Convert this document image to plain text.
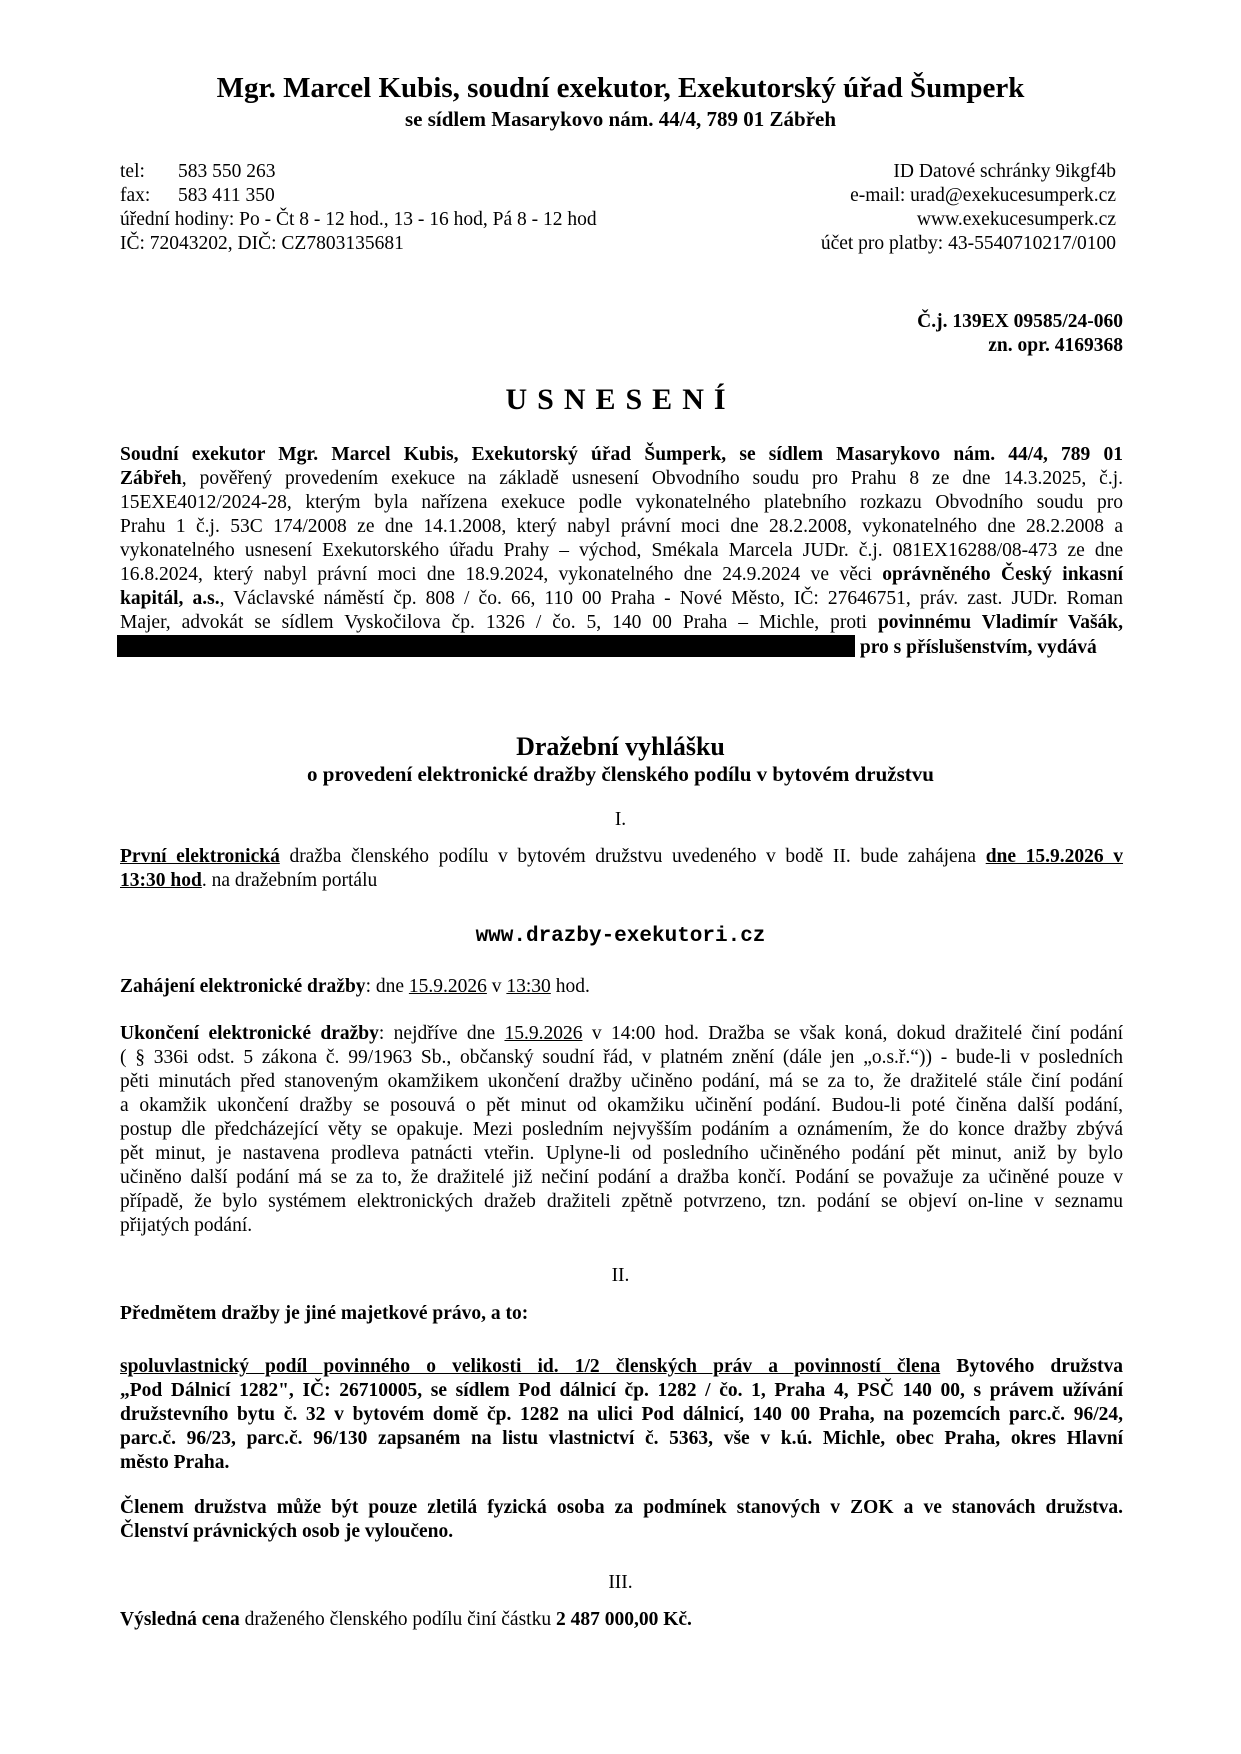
Mgr. Marcel Kubis, soudní exekutor, Exekutorský úřad Šumperk
se sídlem Masarykovo nám. 44/4, 789 01 Zábřeh
tel: 583 550 263
fax: 583 411 350
úřední hodiny: Po - Čt 8 - 12 hod., 13 - 16 hod, Pá 8 - 12 hod
IČ: 72043202, DIČ: CZ7803135681
ID Datové schránky 9ikgf4b
e-mail: urad@exekucesumperk.cz
www.exekucesumperk.cz
účet pro platby: 43-5540710217/0100
Č.j. 139EX 09585/24-060
zn. opr. 4169368
USNESENÍ
Soudní exekutor Mgr. Marcel Kubis, Exekutorský úřad Šumperk, se sídlem Masarykovo nám. 44/4, 789 01
Zábřeh, pověřený provedením exekuce na základě usnesení Obvodního soudu pro Prahu 8 ze dne 14.3.2025, č.j.
15EXE4012/2024-28, kterým byla nařízena exekuce podle vykonatelného platebního rozkazu Obvodního soudu pro
Prahu 1 č.j. 53C 174/2008 ze dne 14.1.2008, který nabyl právní moci dne 28.2.2008, vykonatelného dne 28.2.2008 a
vykonatelného usnesení Exekutorského úřadu Prahy – východ, Smékala Marcela JUDr. č.j. 081EX16288/08-473 ze dne
16.8.2024, který nabyl právní moci dne 18.9.2024, vykonatelného dne 24.9.2024 ve věci oprávněného Český inkasní
kapitál, a.s., Václavské náměstí čp. 808 / čo. 66, 110 00 Praha - Nové Město, IČ: 27646751, práv. zast. JUDr. Roman
Majer, advokát se sídlem Vyskočilova čp. 1326 / čo. 5, 140 00 Praha – Michle, proti povinnému Vladimír Vašák,
pro s příslušenstvím, vydává
Dražební vyhlášku
o provedení elektronické dražby členského podílu v bytovém družstvu
I.
První elektronická dražba členského podílu v bytovém družstvu uvedeného v bodě II. bude zahájena dne 15.9.2026 v
13:30 hod. na dražebním portálu
www.drazby-exekutori.cz
Zahájení elektronické dražby: dne 15.9.2026 v 13:30 hod.
Ukončení elektronické dražby: nejdříve dne 15.9.2026 v 14:00 hod. Dražba se však koná, dokud dražitelé činí podání
( § 336i odst. 5 zákona č. 99/1963 Sb., občanský soudní řád, v platném znění (dále jen „o.s.ř.“)) - bude-li v posledních
pěti minutách před stanoveným okamžikem ukončení dražby učiněno podání, má se za to, že dražitelé stále činí podání
a okamžik ukončení dražby se posouvá o pět minut od okamžiku učinění podání. Budou-li poté činěna další podání,
postup dle předcházející věty se opakuje. Mezi posledním nejvyšším podáním a oznámením, že do konce dražby zbývá
pět minut, je nastavena prodleva patnácti vteřin. Uplyne-li od posledního učiněného podání pět minut, aniž by bylo
učiněno další podání má se za to, že dražitelé již nečiní podání a dražba končí. Podání se považuje za učiněné pouze v
případě, že bylo systémem elektronických dražeb dražiteli zpětně potvrzeno, tzn. podání se objeví on-line v seznamu
přijatých podání.
II.
Předmětem dražby je jiné majetkové právo, a to:
spoluvlastnický podíl povinného o velikosti id. 1/2 členských práv a povinností člena Bytového družstva
„Pod Dálnicí 1282", IČ: 26710005, se sídlem Pod dálnicí čp. 1282 / čo. 1, Praha 4, PSČ 140 00, s právem užívání
družstevního bytu č. 32 v bytovém domě čp. 1282 na ulici Pod dálnicí, 140 00 Praha, na pozemcích parc.č. 96/24,
parc.č. 96/23, parc.č. 96/130 zapsaném na listu vlastnictví č. 5363, vše v k.ú. Michle, obec Praha, okres Hlavní
město Praha.
Členem družstva může být pouze zletilá fyzická osoba za podmínek stanových v ZOK a ve stanovách družstva.
Členství právnických osob je vyloučeno.
III.
Výsledná cena draženého členského podílu činí částku 2 487 000,00 Kč.
